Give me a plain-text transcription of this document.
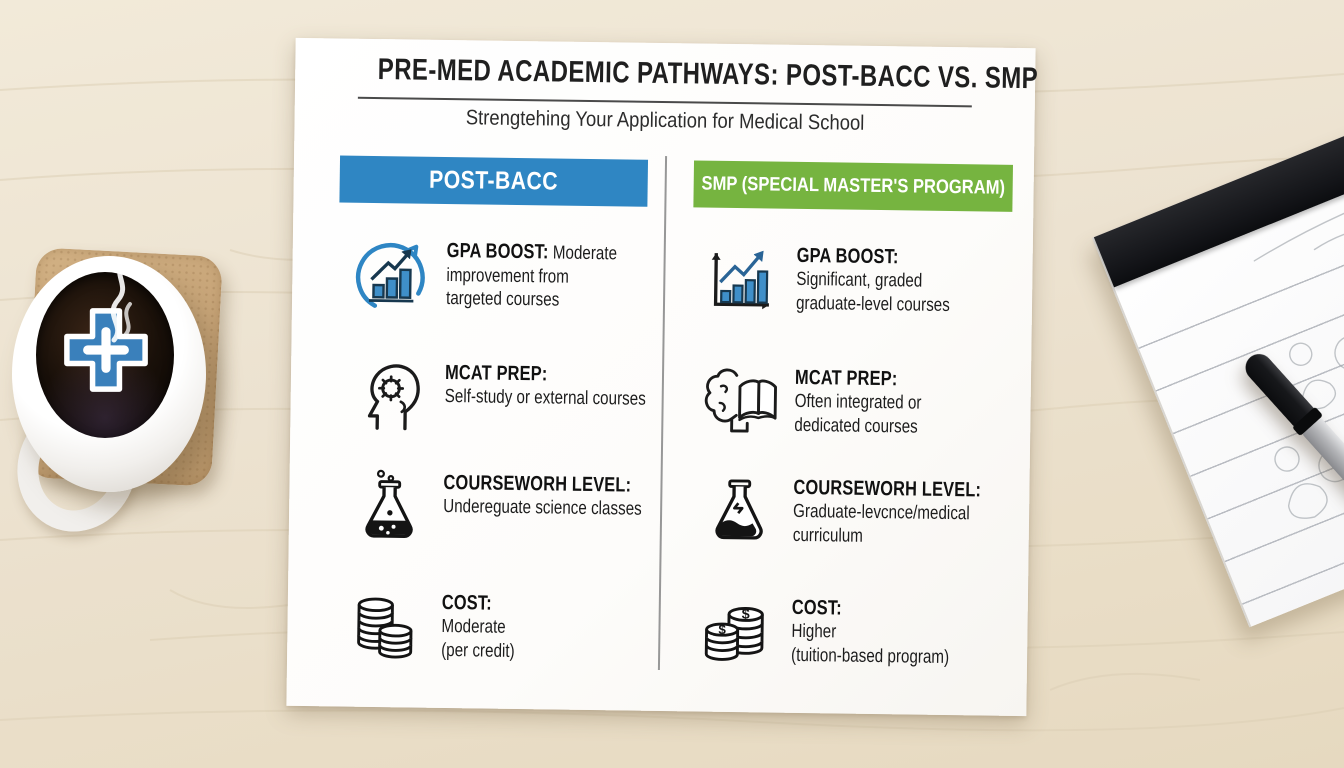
PRE-MED ACADEMIC PATHWAYS: POST-BACC VS. SMP
Strengtehing Your Application for Medical School
POST-BACC	SMP (SPECIAL MASTER'S PROGRAM)

GPA BOOST: Moderate
improvement from
targeted courses

MCAT PREP:
Self-study or external courses

COURSEWORH LEVEL:
Undereguate science classes

COST:
Moderate
(per credit)

GPA BOOST:
Significant, graded
graduate-level courses

MCAT PREP:
Often integrated or
dedicated courses

COURSEWORH LEVEL:
Graduate-levcnce/medical
curriculum

$
$

COST:
Higher
(tuition-based program)
